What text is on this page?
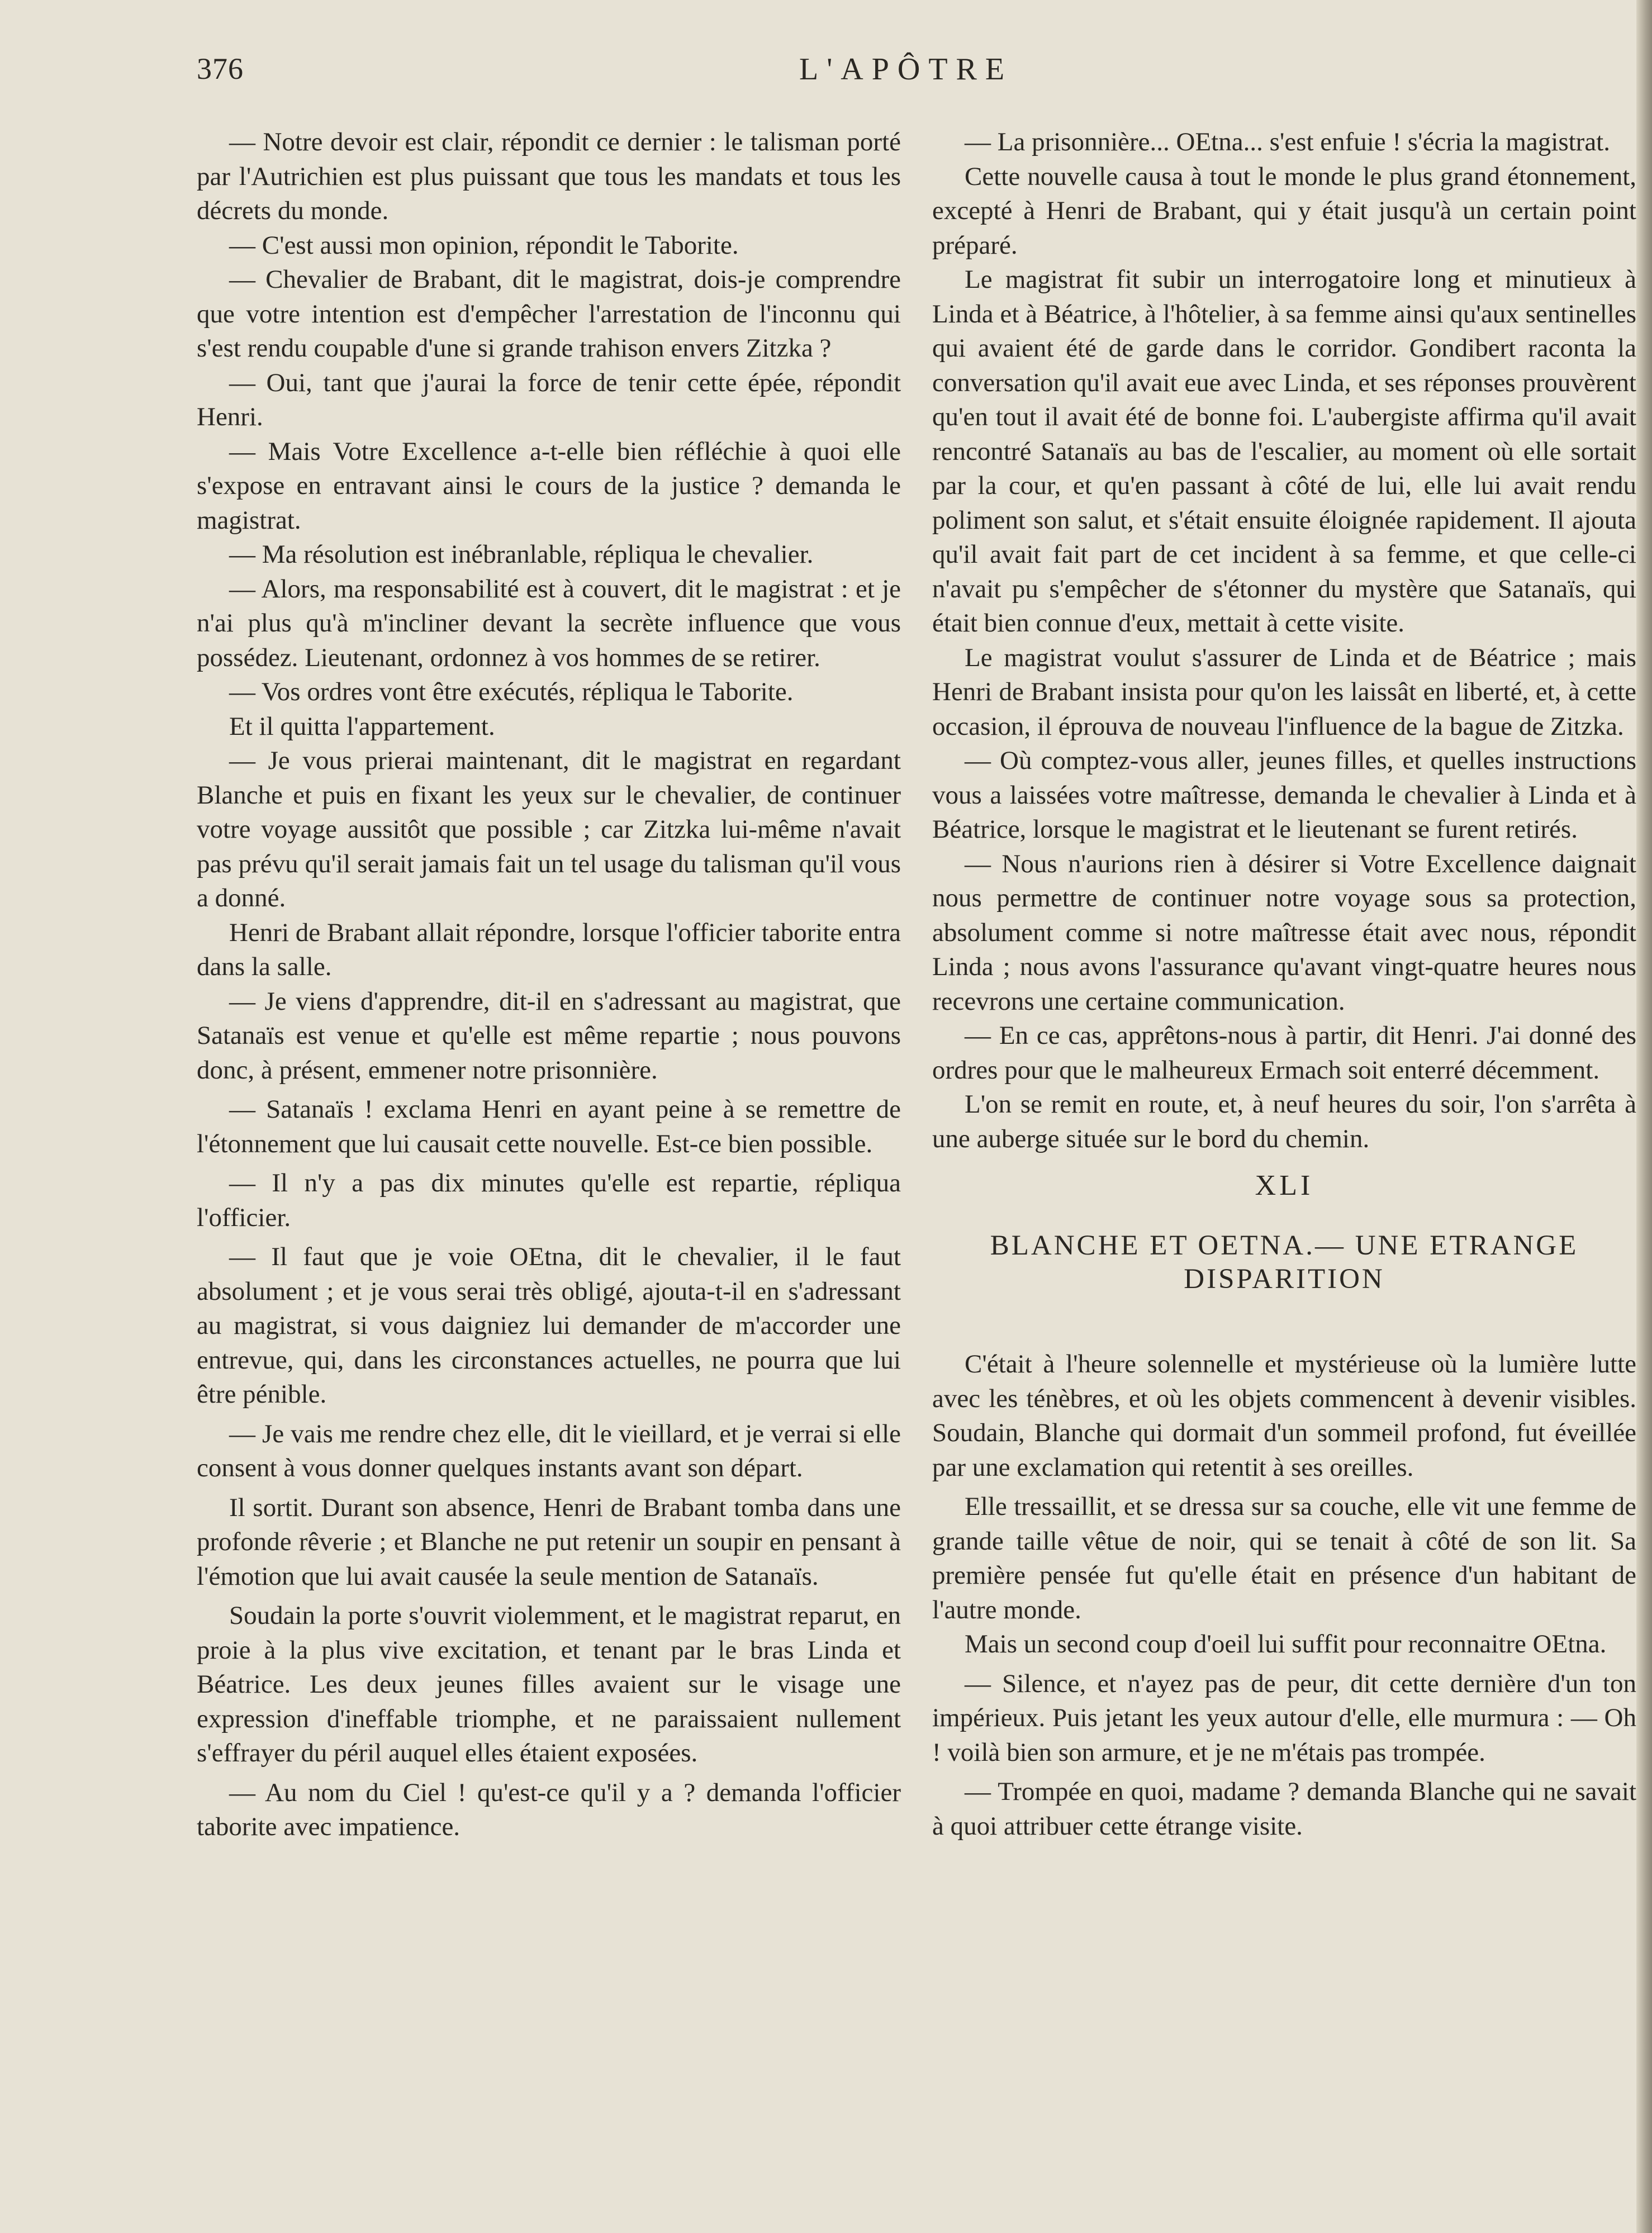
376	L'APÔTRE

— Notre devoir est clair, répondit ce dernier : le talisman porté par l'Autrichien est plus puissant que tous les mandats et tous les décrets du monde.

— C'est aussi mon opinion, répondit le Taborite.

— Chevalier de Brabant, dit le magistrat, dois-je comprendre que votre intention est d'empêcher l'arrestation de l'inconnu qui s'est rendu coupable d'une si grande trahison envers Zitzka ?

— Oui, tant que j'aurai la force de tenir cette épée, répondit Henri.

— Mais Votre Excellence a-t-elle bien réfléchie à quoi elle s'expose en entravant ainsi le cours de la justice ? demanda le magistrat.

— Ma résolution est inébranlable, répliqua le chevalier.

— Alors, ma responsabilité est à couvert, dit le magistrat : et je n'ai plus qu'à m'incliner devant la secrète influence que vous possédez. Lieutenant, ordonnez à vos hommes de se retirer.

— Vos ordres vont être exécutés, répliqua le Taborite.

Et il quitta l'appartement.

— Je vous prierai maintenant, dit le magistrat en regardant Blanche et puis en fixant les yeux sur le chevalier, de continuer votre voyage aussitôt que possible ; car Zitzka lui-même n'avait pas prévu qu'il serait jamais fait un tel usage du talisman qu'il vous a donné.

Henri de Brabant allait répondre, lorsque l'officier taborite entra dans la salle.

— Je viens d'apprendre, dit-il en s'adressant au magistrat, que Satanaïs est venue et qu'elle est même repartie ; nous pouvons donc, à présent, emmener notre prisonnière.

— Satanaïs ! exclama Henri en ayant peine à se remettre de l'étonnement que lui causait cette nouvelle. Est-ce bien possible.

— Il n'y a pas dix minutes qu'elle est repartie, répliqua l'officier.

— Il faut que je voie OEtna, dit le chevalier, il le faut absolument ; et je vous serai très obligé, ajouta-t-il en s'adressant au magistrat, si vous daigniez lui demander de m'accorder une entrevue, qui, dans les circonstances actuelles, ne pourra que lui être pénible.

— Je vais me rendre chez elle, dit le vieillard, et je verrai si elle consent à vous donner quelques instants avant son départ.

Il sortit. Durant son absence, Henri de Brabant tomba dans une profonde rêverie ; et Blanche ne put retenir un soupir en pensant à l'émotion que lui avait causée la seule mention de Satanaïs.

Soudain la porte s'ouvrit violemment, et le magistrat reparut, en proie à la plus vive excitation, et tenant par le bras Linda et Béatrice. Les deux jeunes filles avaient sur le visage une expression d'ineffable triomphe, et ne paraissaient nullement s'effrayer du péril auquel elles étaient exposées.

— Au nom du Ciel ! qu'est-ce qu'il y a ? demanda l'officier taborite avec impatience.

— La prisonnière... OEtna... s'est enfuie ! s'écria la magistrat.

Cette nouvelle causa à tout le monde le plus grand étonnement, excepté à Henri de Brabant, qui y était jusqu'à un certain point préparé.

Le magistrat fit subir un interrogatoire long et minutieux à Linda et à Béatrice, à l'hôtelier, à sa femme ainsi qu'aux sentinelles qui avaient été de garde dans le corridor. Gondibert raconta la conversation qu'il avait eue avec Linda, et ses réponses prouvèrent qu'en tout il avait été de bonne foi. L'aubergiste affirma qu'il avait rencontré Satanaïs au bas de l'escalier, au moment où elle sortait par la cour, et qu'en passant à côté de lui, elle lui avait rendu poliment son salut, et s'était ensuite éloignée rapidement. Il ajouta qu'il avait fait part de cet incident à sa femme, et que celle-ci n'avait pu s'empêcher de s'étonner du mystère que Satanaïs, qui était bien connue d'eux, mettait à cette visite.

Le magistrat voulut s'assurer de Linda et de Béatrice ; mais Henri de Brabant insista pour qu'on les laissât en liberté, et, à cette occasion, il éprouva de nouveau l'influence de la bague de Zitzka.

— Où comptez-vous aller, jeunes filles, et quelles instructions vous a laissées votre maîtresse, demanda le chevalier à Linda et à Béatrice, lorsque le magistrat et le lieutenant se furent retirés.

— Nous n'aurions rien à désirer si Votre Excellence daignait nous permettre de continuer notre voyage sous sa protection, absolument comme si notre maîtresse était avec nous, répondit Linda ; nous avons l'assurance qu'avant vingt-quatre heures nous recevrons une certaine communication.

— En ce cas, apprêtons-nous à partir, dit Henri. J'ai donné des ordres pour que le malheureux Ermach soit enterré décemment.

L'on se remit en route, et, à neuf heures du soir, l'on s'arrêta à une auberge située sur le bord du chemin.

XLI
BLANCHE ET OETNA.— UNE ETRANGE
DISPARITION

C'était à l'heure solennelle et mystérieuse où la lumière lutte avec les ténèbres, et où les objets commencent à devenir visibles. Soudain, Blanche qui dormait d'un sommeil profond, fut éveillée par une exclamation qui retentit à ses oreilles.

Elle tressaillit, et se dressa sur sa couche, elle vit une femme de grande taille vêtue de noir, qui se tenait à côté de son lit. Sa première pensée fut qu'elle était en présence d'un habitant de l'autre monde.

Mais un second coup d'oeil lui suffit pour reconnaitre OEtna.

— Silence, et n'ayez pas de peur, dit cette dernière d'un ton impérieux. Puis jetant les yeux autour d'elle, elle murmura : — Oh ! voilà bien son armure, et je ne m'étais pas trompée.

— Trompée en quoi, madame ? demanda Blanche qui ne savait à quoi attribuer cette étrange visite.
